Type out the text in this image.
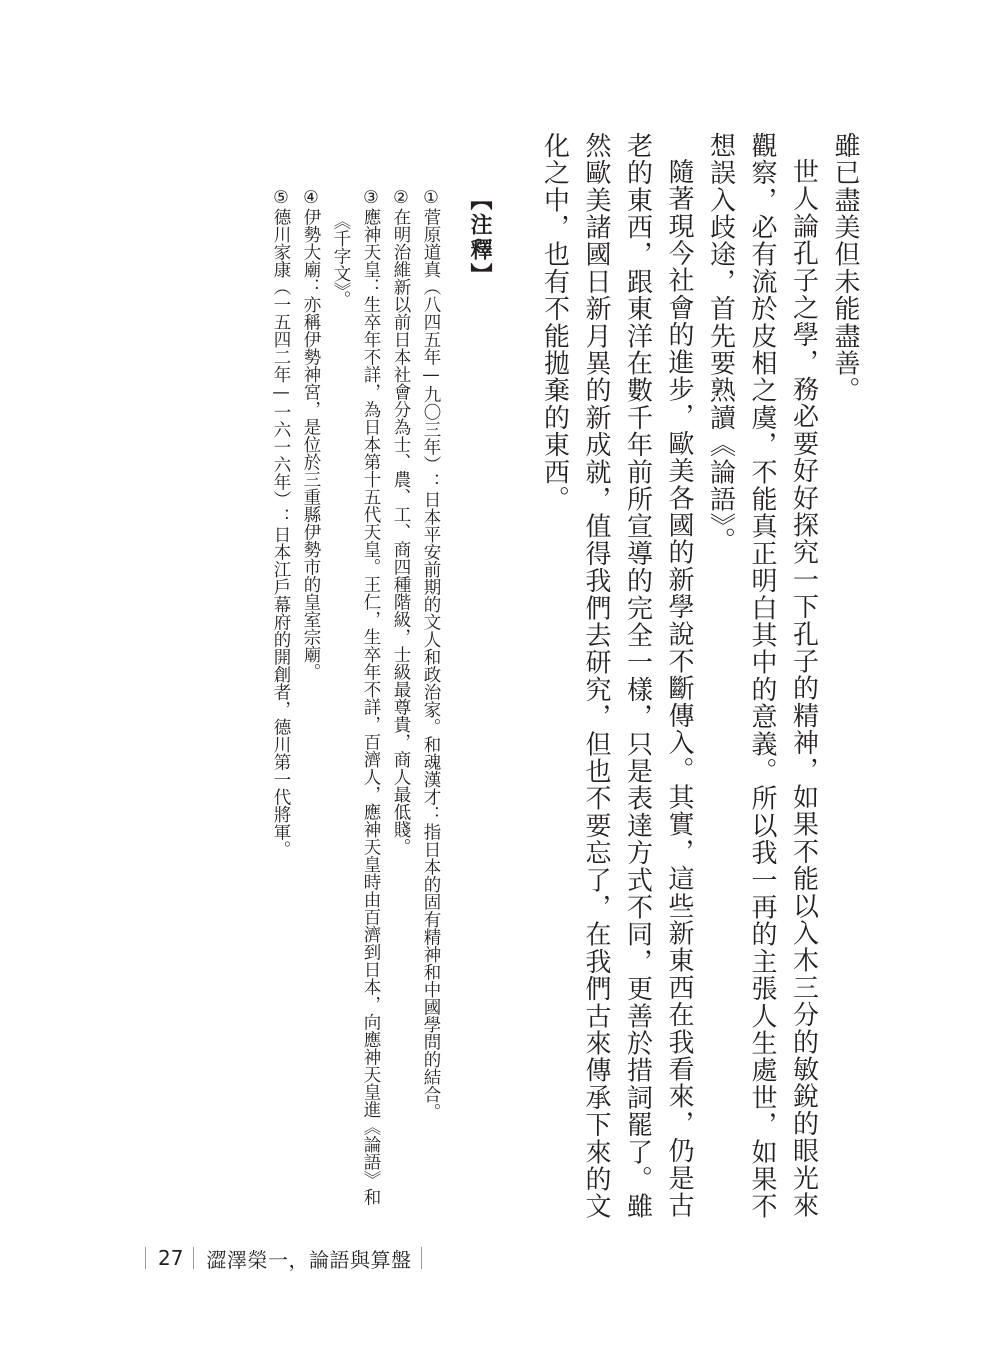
雖已盡美但未能盡善。

世人論孔子之學，務必要好好探究一下孔子的精神，如果不能以入木三分的敏銳的眼光來觀察，必有流於皮相之虞，不能真正明白其中的意義。所以我一再的主張人生處世，如果不想誤入歧途，首先要熟讀《論語》。

隨著現今社會的進步，歐美各國的新學說不斷傳入。其實，這些新東西在我看來，仍是古老的東西，跟東洋在數千年前所宣導的完全一樣，只是表達方式不同，更善於措詞罷了。雖然歐美諸國日新月異的新成就，值得我們去研究，但也不要忘了，在我們古來傳承下來的文化之中，也有不能拋棄的東西。

【注釋】

①菅原道真（八四五年—九〇三年）：日本平安前期的文人和政治家。和魂漢才：指日本的固有精神和中國學問的結合。

②在明治維新以前日本社會分為士、農、工、商四種階級，士級最尊貴，商人最低賤。

③應神天皇：生卒年不詳，為日本第十五代天皇。王仁，生卒年不詳，百濟人，應神天皇時由百濟到日本，向應神天皇進《論語》和《千字文》。

④伊勢大廟：亦稱伊勢神宮，是位於三重縣伊勢市的皇室宗廟。

⑤德川家康（一五四二年—一六一六年）：日本江戶幕府的開創者，德川第一代將軍。

27 澀澤榮一，論語與算盤
